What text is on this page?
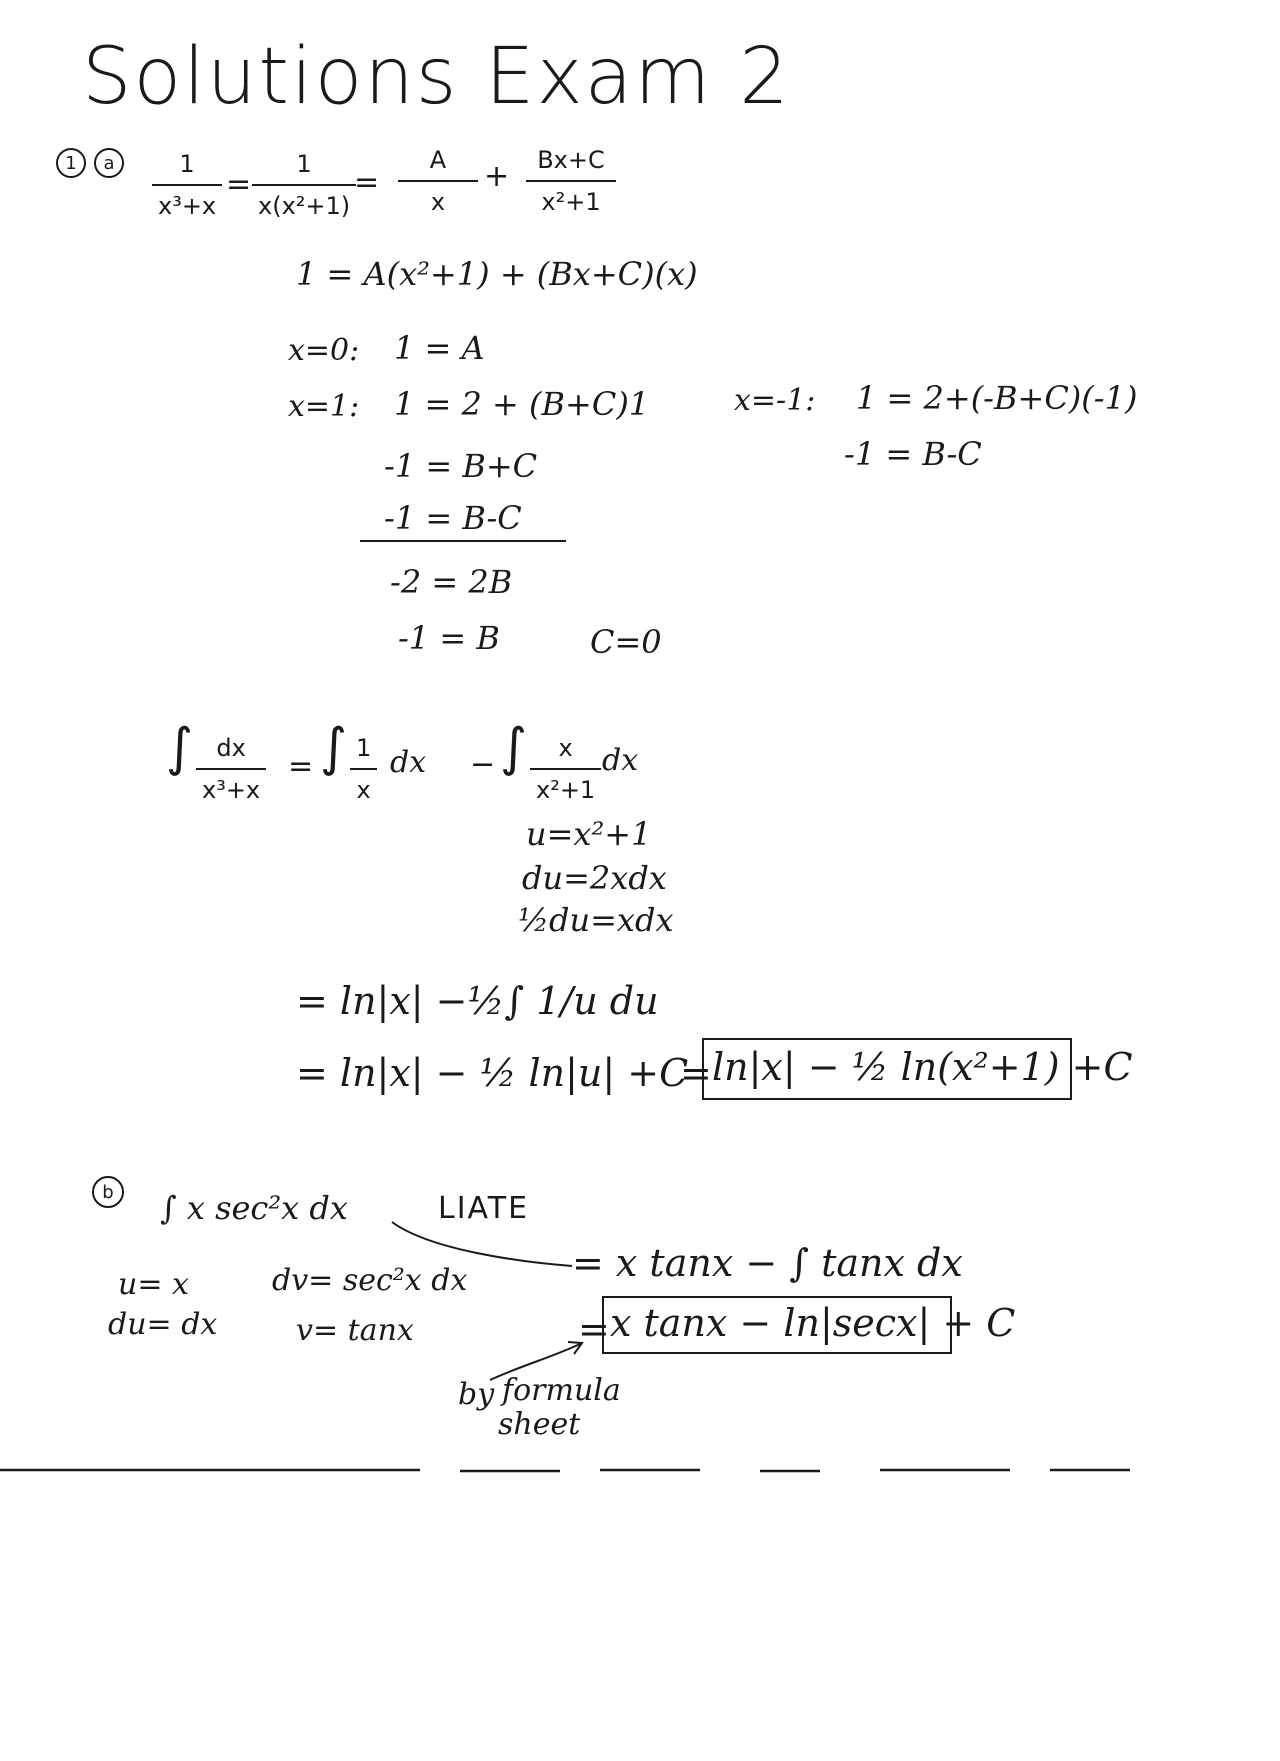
Solutions Exam 2
1	a	1
x³+x
=
1
x(x²+1)
=
A
x
+ Bx+C
x²+1
1 = A(x²+1) + (Bx+C)(x)
x=0: 1 = A
x=1: 1 = 2 + (B+C)1	x=-1: 1 = 2+(-B+C)(-1)
-1 = B-C
-1 = B+C
-1 = B-C
-2 = 2B
-1 = B	C=0
∫ dx
x³+x
= ∫ 1
x
dx − ∫ x
x²+1
dx
u=x²+1
du=2xdx
½du=xdx
= ln|x| −½∫ 1/u du
= ln|x| − ½ ln|u| +C
= ln|x| − ½ ln(x²+1) +C
b	∫ x sec²x dx	LIATE
u= x
du= dx
dv= sec²x dx
v= tanx
= x tanx − ∫ tanx dx
= x tanx − ln|secx| + C
by formula
sheet
